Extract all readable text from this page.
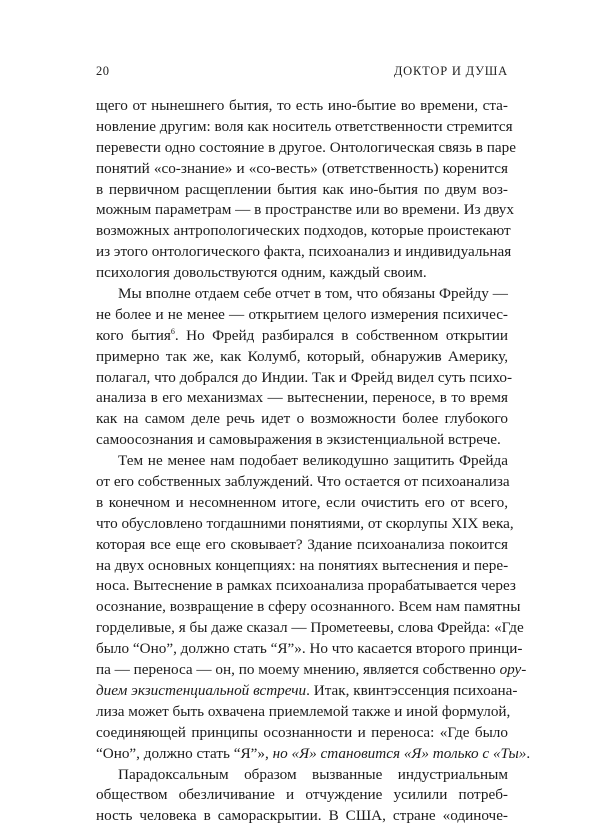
20	ДОКТОР И ДУША

щего от нынешнего бытия, то есть ино-бытие во времени, ста-
новление другим: воля как носитель ответственности стремится
перевести одно состояние в другое. Онтологическая связь в паре
понятий «со-знание» и «со-весть» (ответственность) коренится
в первичном расщеплении бытия как ино-бытия по двум воз-
можным параметрам — в пространстве или во времени. Из двух
возможных антропологических подходов, которые проистекают
из этого онтологического факта, психоанализ и индивидуальная
психология довольствуются одним, каждый своим.

Мы вполне отдаем себе отчет в том, что обязаны Фрейду —
не более и не менее — открытием целого измерения психичес-
кого бытия$^6$. Но Фрейд разбирался в собственном открытии
примерно так же, как Колумб, который, обнаружив Америку,
полагал, что добрался до Индии. Так и Фрейд видел суть психо-
анализа в его механизмах — вытеснении, переносе, в то время
как на самом деле речь идет о возможности более глубокого
самоосознания и самовыражения в экзистенциальной встрече.

Тем не менее нам подобает великодушно защитить Фрейда
от его собственных заблуждений. Что остается от психоанализа
в конечном и несомненном итоге, если очистить его от всего,
что обусловлено тогдашними понятиями, от скорлупы XIX века,
которая все еще его сковывает? Здание психоанализа покоится
на двух основных концепциях: на понятиях вытеснения и пере-
носа. Вытеснение в рамках психоанализа прорабатывается через
осознание, возвращение в сферу осознанного. Всем нам памятны
горделивые, я бы даже сказал — Прометеевы, слова Фрейда: «Где
было “Оно”, должно стать “Я”». Но что касается второго принци-
па — переноса — он, по моему мнению, является собственно ору-
дием экзистенциальной встречи. Итак, квинтэссенция психоана-
лиза может быть охвачена приемлемой также и иной формулой,
соединяющей принципы осознанности и переноса: «Где было
“Оно”, должно стать “Я”», но «Я» становится «Я» только с «Ты».

Парадоксальным образом вызванные индустриальным
обществом обезличивание и отчуждение усилили потреб-
ность человека в самораскрытии. В США, стране «одиноче-
